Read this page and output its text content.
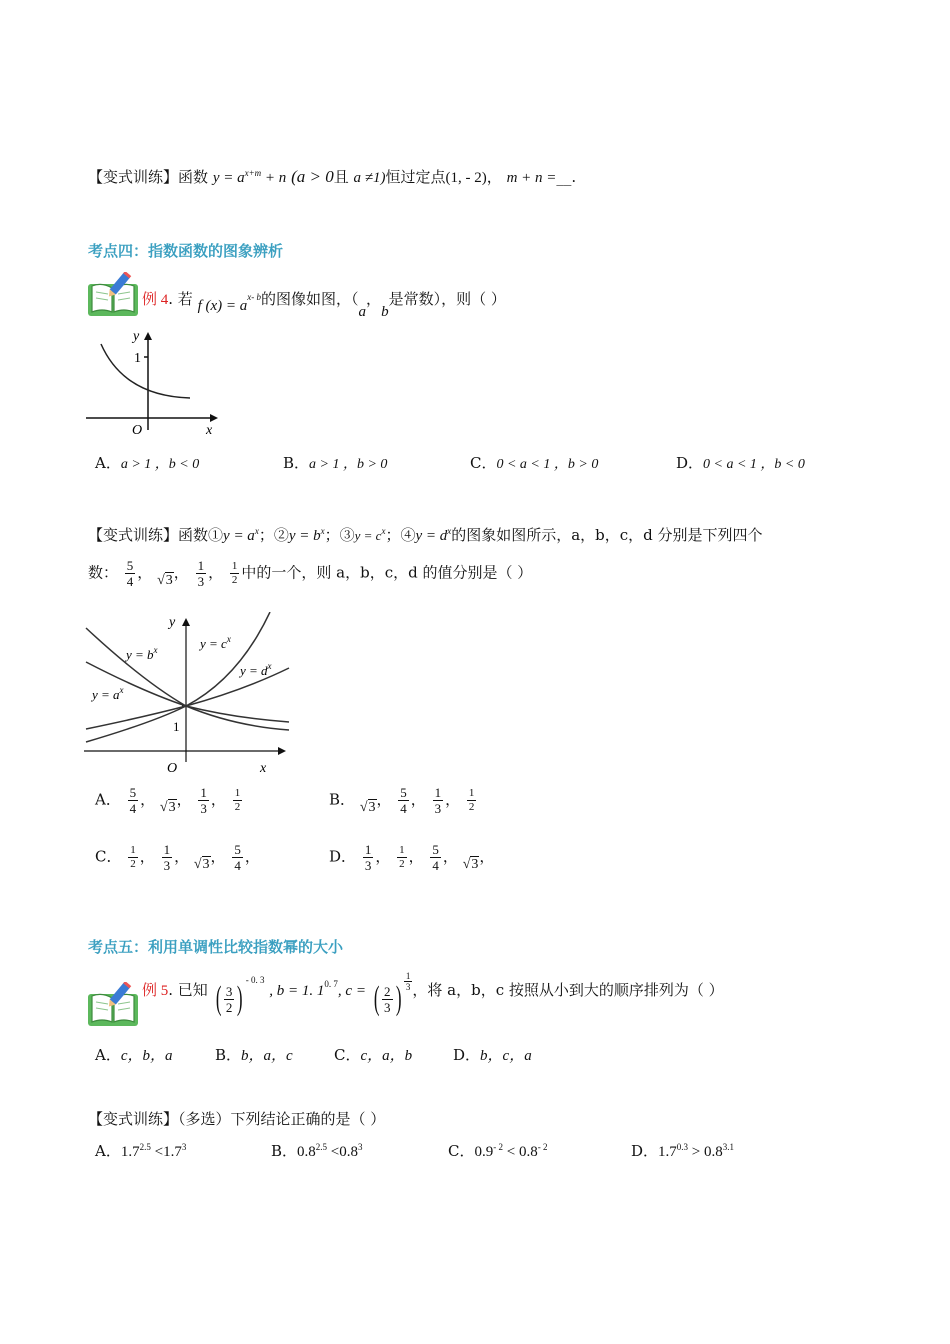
【变式训练】函数 $y = a^{x+m} + n$ (a > 0且 a ≠1)恒过定点(1, - 2)， m + n =__.
考点四：指数函数的图象辨析
例 4. 若 f $(x) = a^{x- b}$的图像如图，（a，b是常数），则（ ）
y
1
O	x
A．a > 1 ，b < 0	B．a > 1 ，b > 0	C．0 < a < 1 ，b > 0	D．0 < a < 1 ，b < 0
【变式训练】函数①y = $a^x$；②y = $b^x$；③y = $c^x$；④y = $d^x$的图象如图所示，a，b，c，d 分别是下列四个
数： $\frac{5}{4}$ ， √3， $\frac{1}{3}$ ， $\frac{1}{2}$ 中的一个，则 a，b，c，d 的值分别是（ ）
y
$y = c^x$
$y = b^x$
$y = d^x$
$y = a^x$
1
O	x
A． $\frac{5}{4}$ ， √3， $\frac{1}{3}$ ， $\frac{1}{2}$	B． √3， $\frac{5}{4}$ ， $\frac{1}{3}$ ， $\frac{1}{2}$
C． $\frac{1}{2}$ ， $\frac{1}{3}$ ， √3， $\frac{5}{4}$ ，	D． $\frac{1}{3}$ ， $\frac{1}{2}$ ， $\frac{5}{4}$ ， √3，
考点五：利用单调性比较指数幂的大小
例 5. 已知 ( $\frac{3}{2}$ ) $^{- 0. 3}$ , b = 1. $1^{0. 7}$, c = ( $\frac{2}{3}$ ) $\frac{1}{3}$ ，将 a，b，c 按照从小到大的顺序排列为（ ）
A．c，b，a	B．b，a，c	C．c，a，b	D．b，c，a
【变式训练】（多选）下列结论正确的是（ ）
A．$1.7^{2.5} <1.7^3$	B．$0.8^{2.5} <0.8^3$	C．$0.9^{- 2} < 0.8^{- 2}$	D．$1.7^{0.3} > 0.8^{3.1}$
